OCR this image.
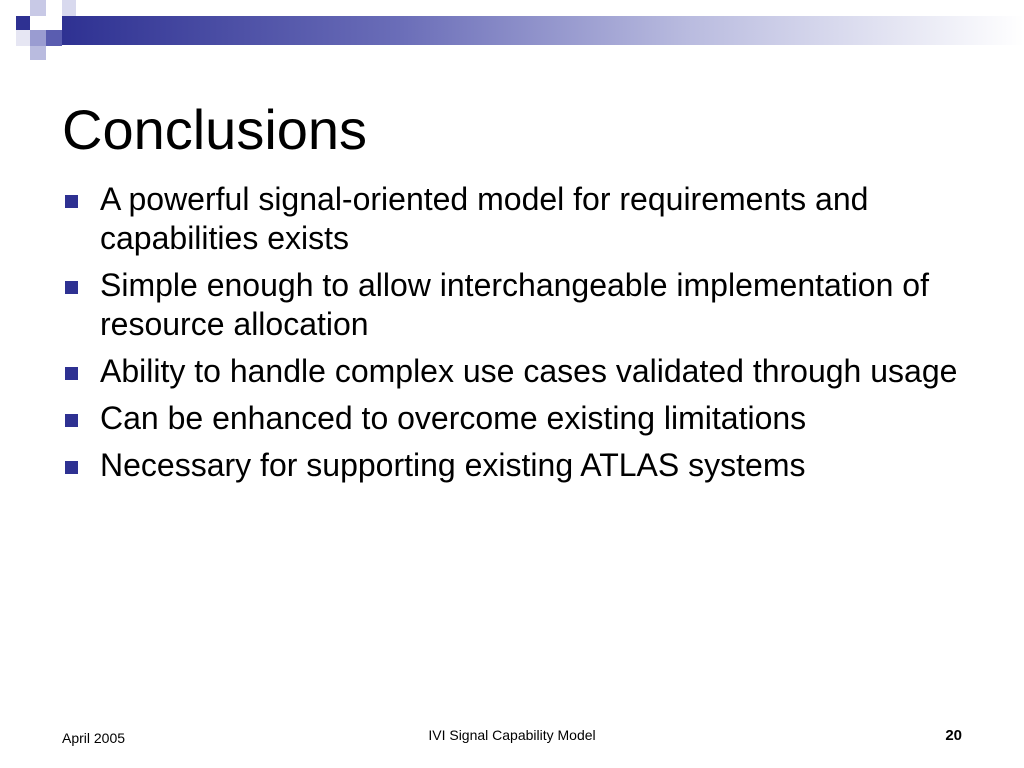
Conclusions
A powerful signal-oriented model for requirements and capabilities exists
Simple enough to allow interchangeable implementation of resource allocation
Ability to handle complex use cases validated through usage
Can be enhanced to overcome existing limitations
Necessary for supporting existing ATLAS systems
April 2005	IVI Signal Capability Model	20
